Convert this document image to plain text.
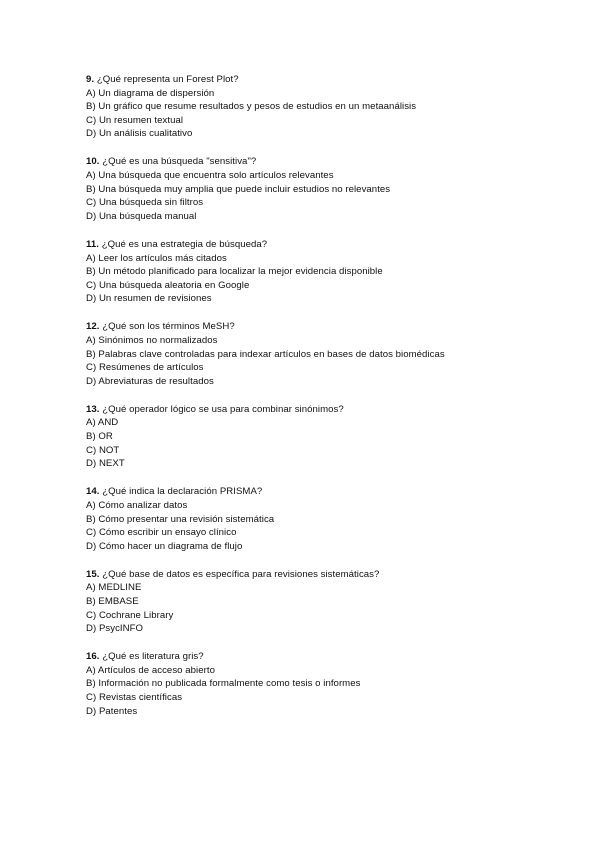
9. ¿Qué representa un Forest Plot?
A) Un diagrama de dispersión
B) Un gráfico que resume resultados y pesos de estudios en un metaanálisis
C) Un resumen textual
D) Un análisis cualitativo
10. ¿Qué es una búsqueda "sensitiva"?
A) Una búsqueda que encuentra solo artículos relevantes
B) Una búsqueda muy amplia que puede incluir estudios no relevantes
C) Una búsqueda sin filtros
D) Una búsqueda manual
11. ¿Qué es una estrategia de búsqueda?
A) Leer los artículos más citados
B) Un método planificado para localizar la mejor evidencia disponible
C) Una búsqueda aleatoria en Google
D) Un resumen de revisiones
12. ¿Qué son los términos MeSH?
A) Sinónimos no normalizados
B) Palabras clave controladas para indexar artículos en bases de datos biomédicas
C) Resúmenes de artículos
D) Abreviaturas de resultados
13. ¿Qué operador lógico se usa para combinar sinónimos?
A) AND
B) OR
C) NOT
D) NEXT
14. ¿Qué indica la declaración PRISMA?
A) Cómo analizar datos
B) Cómo presentar una revisión sistemática
C) Cómo escribir un ensayo clínico
D) Cómo hacer un diagrama de flujo
15. ¿Qué base de datos es específica para revisiones sistemáticas?
A) MEDLINE
B) EMBASE
C) Cochrane Library
D) PsycINFO
16. ¿Qué es literatura gris?
A) Artículos de acceso abierto
B) Información no publicada formalmente como tesis o informes
C) Revistas científicas
D) Patentes
